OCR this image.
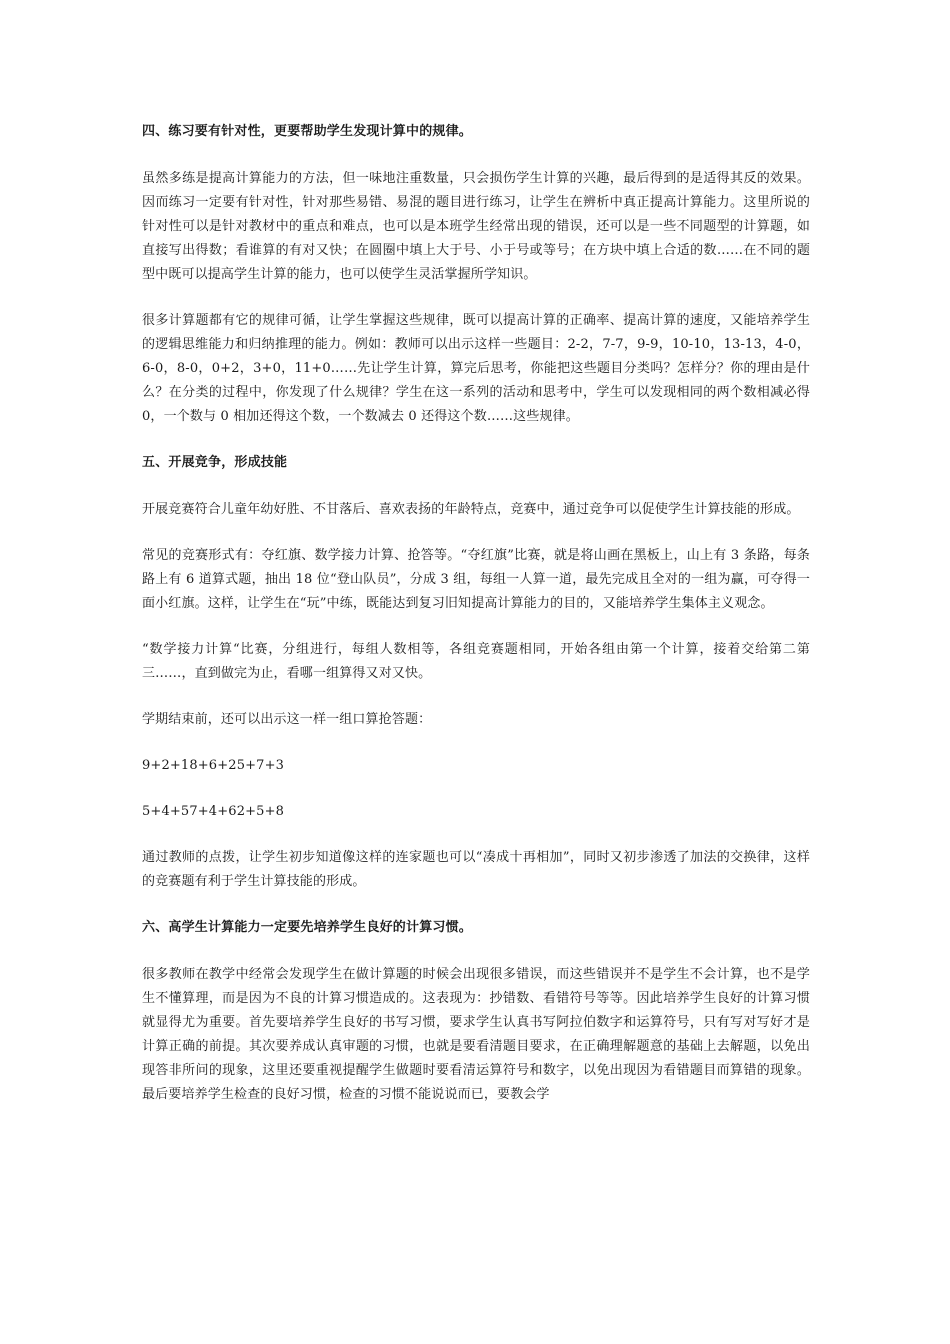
四、练习要有针对性，更要帮助学生发现计算中的规律。

虽然多练是提高计算能力的方法，但一味地注重数量，只会损伤学生计算的兴趣，最后得到的是适得其反的效果。因而练习一定要有针对性，针对那些易错、易混的题目进行练习，让学生在辨析中真正提高计算能力。这里所说的针对性可以是针对教材中的重点和难点，也可以是本班学生经常出现的错误，还可以是一些不同题型的计算题，如直接写出得数；看谁算的有对又快；在圆圈中填上大于号、小于号或等号；在方块中填上合适的数……在不同的题型中既可以提高学生计算的能力，也可以使学生灵活掌握所学知识。

很多计算题都有它的规律可循，让学生掌握这些规律，既可以提高计算的正确率、提高计算的速度，又能培养学生的逻辑思维能力和归纳推理的能力。例如：教师可以出示这样一些题目：2-2，7-7，9-9，10-10，13-13，4-0，6-0，8-0，0+2，3+0，11+0……先让学生计算，算完后思考，你能把这些题目分类吗？怎样分？你的理由是什么？在分类的过程中，你发现了什么规律？学生在这一系列的活动和思考中，学生可以发现相同的两个数相减必得 0，一个数与 0 相加还得这个数，一个数减去 0 还得这个数……这些规律。

五、开展竞争，形成技能

开展竞赛符合儿童年幼好胜、不甘落后、喜欢表扬的年龄特点，竞赛中，通过竞争可以促使学生计算技能的形成。

常见的竞赛形式有：夺红旗、数学接力计算、抢答等。“夺红旗”比赛，就是将山画在黑板上，山上有 3 条路，每条路上有 6 道算式题，抽出 18 位“登山队员”，分成 3 组，每组一人算一道，最先完成且全对的一组为赢，可夺得一面小红旗。这样，让学生在“玩”中练，既能达到复习旧知提高计算能力的目的，又能培养学生集体主义观念。

“数学接力计算“比赛，分组进行，每组人数相等，各组竞赛题相同，开始各组由第一个计算，接着交给第二第三……，直到做完为止，看哪一组算得又对又快。

学期结束前，还可以出示这一样一组口算抢答题：

9+2+18+6+25+7+3

5+4+57+4+62+5+8

通过教师的点拨，让学生初步知道像这样的连家题也可以“凑成十再相加”，同时又初步渗透了加法的交换律，这样的竞赛题有利于学生计算技能的形成。

六、高学生计算能力一定要先培养学生良好的计算习惯。

很多教师在教学中经常会发现学生在做计算题的时候会出现很多错误，而这些错误并不是学生不会计算，也不是学生不懂算理，而是因为不良的计算习惯造成的。这表现为：抄错数、看错符号等等。因此培养学生良好的计算习惯就显得尤为重要。首先要培养学生良好的书写习惯，要求学生认真书写阿拉伯数字和运算符号，只有写对写好才是计算正确的前提。其次要养成认真审题的习惯，也就是要看清题目要求，在正确理解题意的基础上去解题，以免出现答非所问的现象，这里还要重视提醒学生做题时要看清运算符号和数字，以免出现因为看错题目而算错的现象。最后要培养学生检查的良好习惯，检查的习惯不能说说而已，要教会学
